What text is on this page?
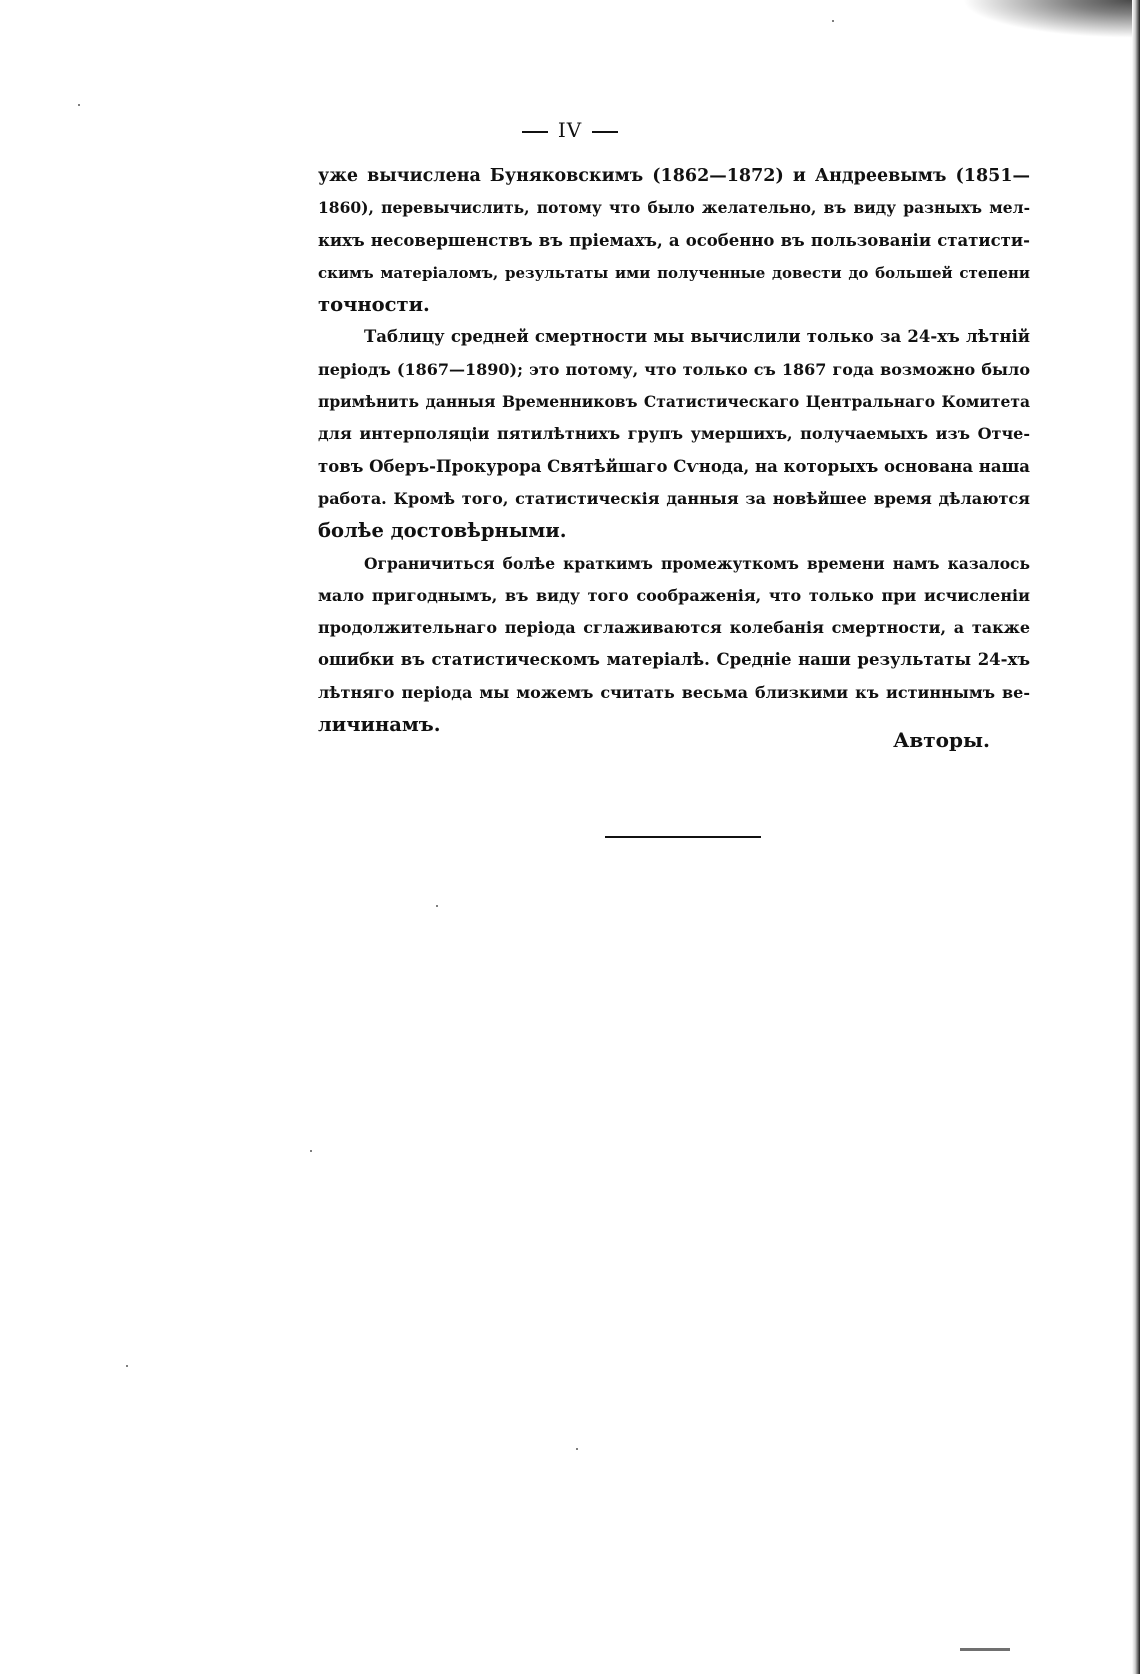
IV
уже вычислена Буняковскимъ (1862—1872) и Андреевымъ (1851—
1860), перевычислить, потому что было желательно, въ виду разныхъ мел-
кихъ несовершенствъ въ пріемахъ, а особенно въ пользованіи статисти-
скимъ матеріаломъ, результаты ими полученные довести до большей степени
точности.
Таблицу средней смертности мы вычислили только за 24-хъ лѣтній
періодъ (1867—1890); это потому, что только съ 1867 года возможно было
примѣнить данныя Временниковъ Статистическаго Центральнаго Комитета
для интерполяціи пятилѣтнихъ групъ умершихъ, получаемыхъ изъ Отче-
товъ Оберъ-Прокурора Святѣйшаго Сѵнода, на которыхъ основана наша
работа. Кромѣ того, статистическія данныя за новѣйшее время дѣлаются
болѣе достовѣрными.
Ограничиться болѣе краткимъ промежуткомъ времени намъ казалось
мало пригоднымъ, въ виду того соображенія, что только при исчисленіи
продолжительнаго періода сглаживаются колебанія смертности, а также
ошибки въ статистическомъ матеріалѣ. Средніе наши результаты 24-хъ
лѣтняго періода мы можемъ считать весьма близкими къ истиннымъ ве-
личинамъ.
Авторы.
